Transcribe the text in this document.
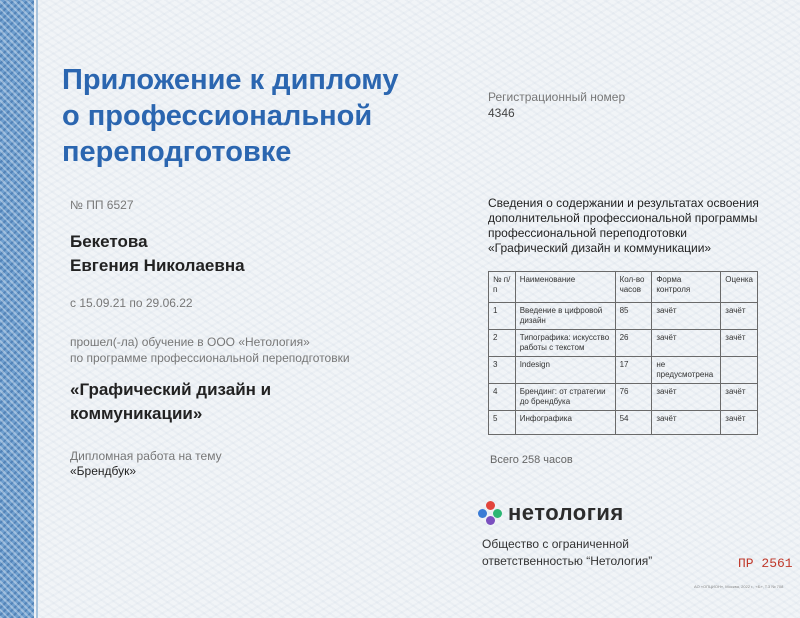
Приложение к диплому
о профессиональной
переподготовке
№ ПП 6527
Бекетова
Евгения Николаевна
с 15.09.21 по 29.06.22
прошел(-ла) обучение в ООО «Нетология»
по программе профессиональной переподготовки
«Графический дизайн и
коммуникации»
Дипломная работа на тему
«Брендбук»
Регистрационный номер
4346
Сведения о содержании и результатах освоения
дополнительной профессиональной программы
профессиональной переподготовки
«Графический дизайн и коммуникации»
№ п/п	Наименование	Кол-во часов	Форма контроля	Оценка
1	Введение в цифровой дизайн	85	зачёт	зачёт
2	Типографика: искусство работы с текстом	26	зачёт	зачёт
3	Indesign	17	не предусмотрена	
4	Брендинг: от стратегии до брендбука	76	зачёт	зачёт
5	Инфографика	54	зачёт	зачёт
Всего 258 часов
нетология
Общество с ограниченной
ответственностью “Нетология”	ПР 2561
АО «ОПЦИОН», Москва, 2022 г., «Б», Т.3 № 708
